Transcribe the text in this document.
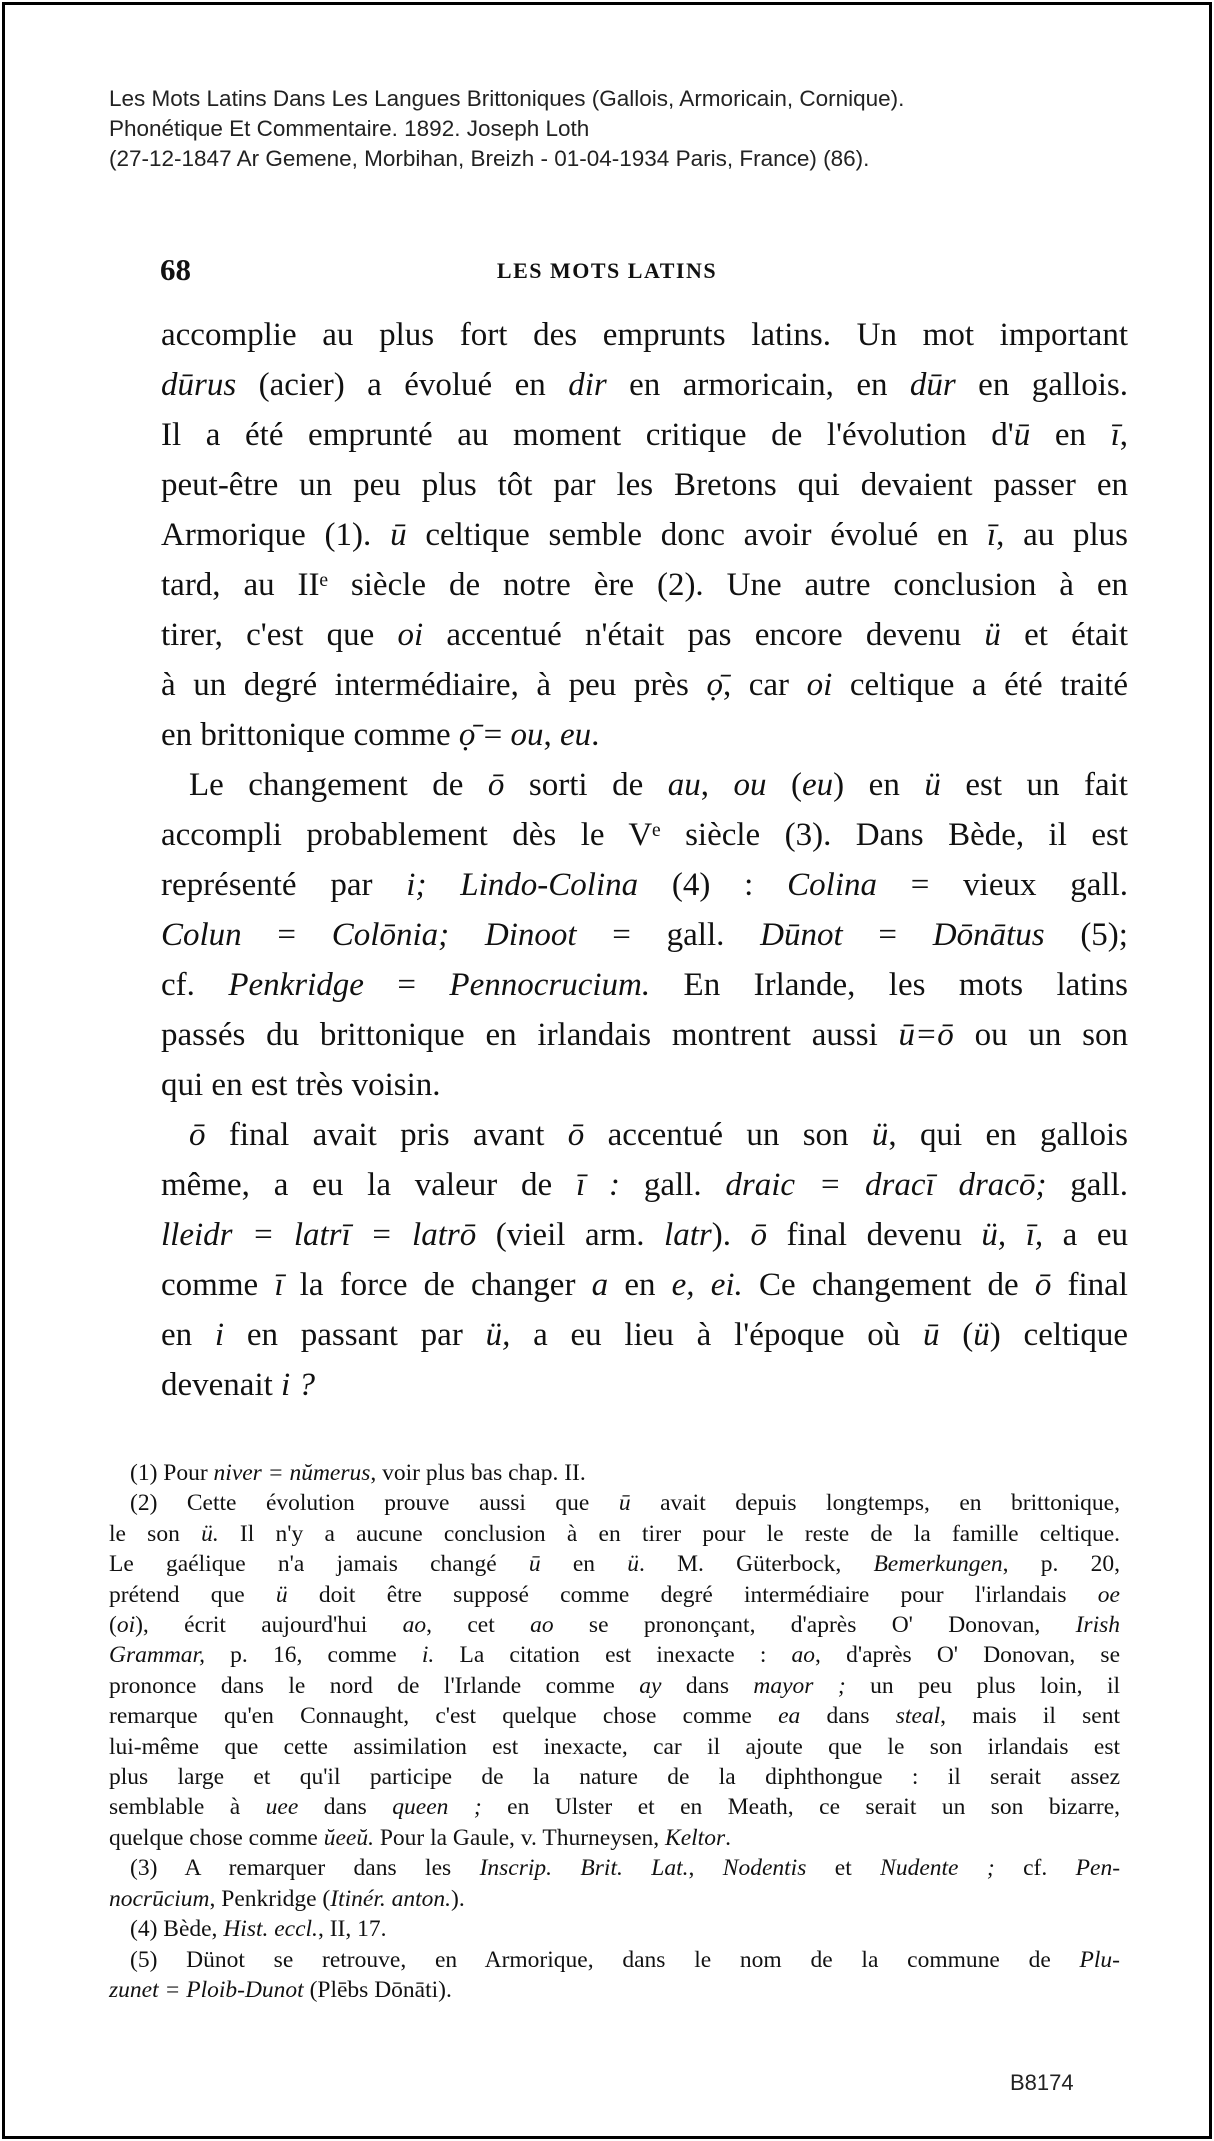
Les Mots Latins Dans Les Langues Brittoniques (Gallois, Armoricain, Cornique).
Phonétique Et Commentaire. 1892. Joseph Loth
(27-12-1847 Ar Gemene, Morbihan, Breizh - 01-04-1934 Paris, France) (86).
68	LES MOTS LATINS
accomplie au plus fort des emprunts latins. Un mot important
dūrus (acier) a évolué en dir en armoricain, en dūr en gallois.
Il a été emprunté au moment critique de l'évolution d'ū en ī,
peut-être un peu plus tôt par les Bretons qui devaient passer en
Armorique (1). ū celtique semble donc avoir évolué en ī, au plus
tard, au IIᵉ siècle de notre ère (2). Une autre conclusion à en
tirer, c'est que oi accentué n'était pas encore devenu ü et était
à un degré intermédiaire, à peu près ọ̄, car oi celtique a été traité
en brittonique comme ọ̄ = ou, eu.
Le changement de ō sorti de au, ou (eu) en ü est un fait
accompli probablement dès le Vᵉ siècle (3). Dans Bède, il est
représenté par i; Lindo-Colina (4) : Colina = vieux gall.
Colun = Colōnia; Dinoot = gall. Dūnot = Dōnātus (5);
cf. Penkridge = Pennocrucium. En Irlande, les mots latins
passés du brittonique en irlandais montrent aussi ū=ō ou un son
qui en est très voisin.
ō final avait pris avant ō accentué un son ü, qui en gallois
même, a eu la valeur de ī : gall. draic = dracī dracō; gall.
lleidr = latrī = latrō (vieil arm. latr). ō final devenu ü, ī, a eu
comme ī la force de changer a en e, ei. Ce changement de ō final
en i en passant par ü, a eu lieu à l'époque où ū (ü) celtique
devenait i ?
(1) Pour niver = nŭmerus, voir plus bas chap. II.
(2) Cette évolution prouve aussi que ū avait depuis longtemps, en brittonique,
le son ü. Il n'y a aucune conclusion à en tirer pour le reste de la famille celtique.
Le gaélique n'a jamais changé ū en ü. M. Güterbock, Bemerkungen, p. 20,
prétend que ü doit être supposé comme degré intermédiaire pour l'irlandais oe
(oi), écrit aujourd'hui ao, cet ao se prononçant, d'après O' Donovan, Irish
Grammar, p. 16, comme i. La citation est inexacte : ao, d'après O' Donovan, se
prononce dans le nord de l'Irlande comme ay dans mayor ; un peu plus loin, il
remarque qu'en Connaught, c'est quelque chose comme ea dans steal, mais il sent
lui-même que cette assimilation est inexacte, car il ajoute que le son irlandais est
plus large et qu'il participe de la nature de la diphthongue : il serait assez
semblable à uee dans queen ; en Ulster et en Meath, ce serait un son bizarre,
quelque chose comme ŭeeŭ. Pour la Gaule, v. Thurneysen, Keltor.
(3) A remarquer dans les Inscrip. Brit. Lat., Nodentis et Nudente ; cf. Pen-
nocrūcium, Penkridge (Itinér. anton.).
(4) Bède, Hist. eccl., II, 17.
(5) Dünot se retrouve, en Armorique, dans le nom de la commune de Plu-
zunet = Ploib-Dunot (Plēbs Dōnāti).
B8174
